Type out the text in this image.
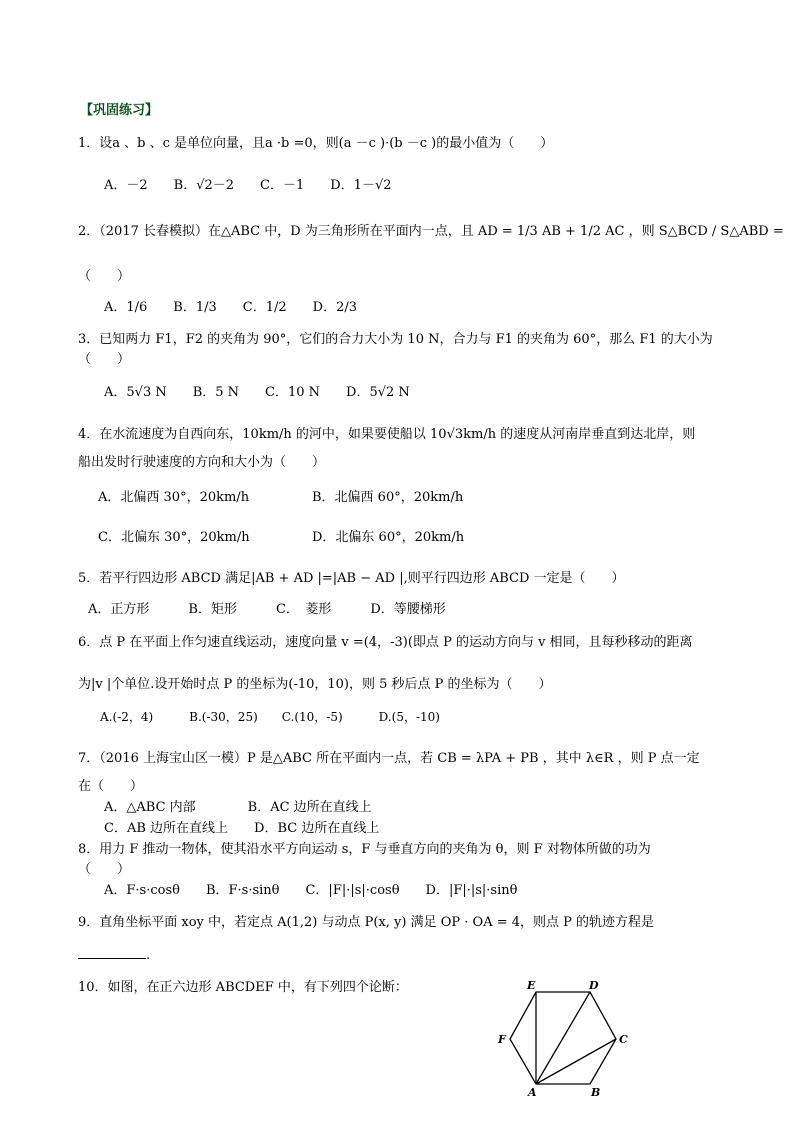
【巩固练习】
1．设a 、b 、c 是单位向量，且a ·b =0，则(a －c )·(b －c )的最小值为（　　）
A．－2　　B．√2－2　　C．－1　　D．1－√2
2．（2017 长春模拟）在△ABC 中，D 为三角形所在平面内一点，且 AD = 1/3 AB + 1/2 AC ，则 S△BCD / S△ABD =
（　　）
A．1/6　　B．1/3　　C．1/2　　D．2/3
3．已知两力 F1，F2 的夹角为 90°，它们的合力大小为 10 N，合力与 F1 的夹角为 60°，那么 F1 的大小为
（　　）
A．5√3 N　　B．5 N　　C．10 N　　D．5√2 N
4．在水流速度为自西向东，10km/h 的河中，如果要使船以 10√3km/h 的速度从河南岸垂直到达北岸，则
船出发时行驶速度的方向和大小为（　　）
A．北偏西 30°，20km/h	B．北偏西 60°，20km/h
C．北偏东 30°，20km/h	D．北偏东 60°，20km/h
5．若平行四边形 ABCD 满足|AB + AD |=|AB − AD |,则平行四边形 ABCD 一定是（　　）
A．正方形　　　B．矩形　　　C．　菱形　　　D．等腰梯形
6．点 P 在平面上作匀速直线运动，速度向量 v =(4，-3)(即点 P 的运动方向与 v 相同，且每秒移动的距离
为|v |个单位.设开始时点 P 的坐标为(-10，10)，则 5 秒后点 P 的坐标为（　　）
A.(-2，4)　　　B.(-30，25)　　C.(10，-5)　　　D.(5，-10)
7．（2016 上海宝山区一模）P 是△ABC 所在平面内一点，若 CB = λPA + PB ，其中 λ∈R ，则 P 点一定
在（　　）
A．△ABC 内部　　　　B．AC 边所在直线上
C．AB 边所在直线上　　D．BC 边所在直线上
8．用力 F 推动一物体，使其沿水平方向运动 s，F 与垂直方向的夹角为 θ，则 F 对物体所做的功为
（　　）
A．F·s·cosθ　　B．F·s·sinθ　　C．|F|·|s|·cosθ　　D．|F|·|s|·sinθ
9．直角坐标平面 xoy 中，若定点 A(1,2) 与动点 P(x, y) 满足 OP · OA = 4，则点 P 的轨迹方程是
.
10．如图，在正六边形 ABCDEF 中，有下列四个论断：
A	B
C
D
E
F
